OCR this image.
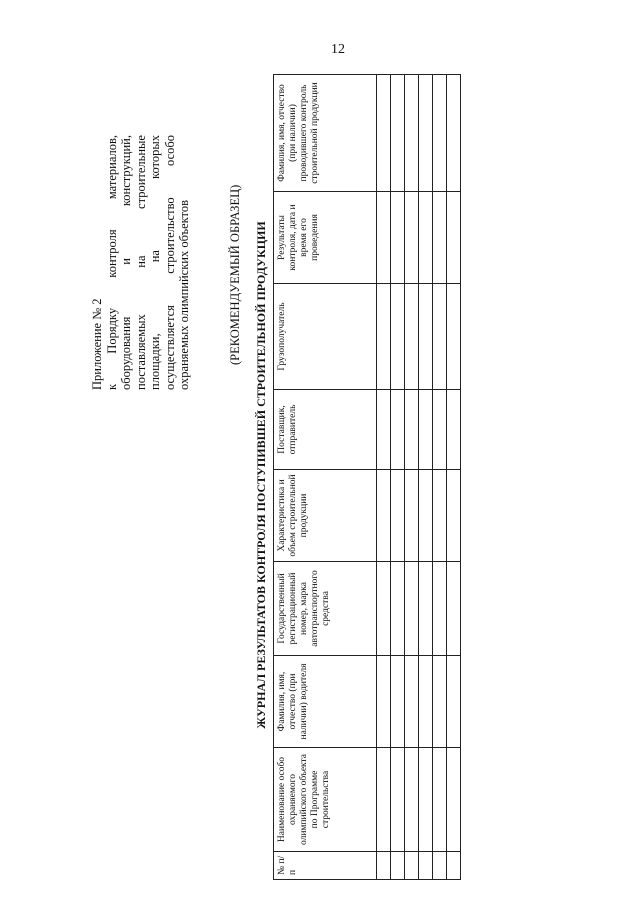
12
Приложение № 2 к Порядку контроля материалов, оборудования и конструкций, поставляемых на строительные площадки, на которых осуществляется строительство особо охраняемых олимпийских объектов	(РЕКОМЕНДУЕМЫЙ ОБРАЗЕЦ) ЖУРНАЛ РЕЗУЛЬТАТОВ КОНТРОЛЯ ПОСТУПИВШЕЙ СТРОИТЕЛЬНОЙ ПРОДУКЦИИ
№ п/п
Наименование особо охраняемого олимпийского объекта по Программе строительства
Фамилия, имя, отчество (при наличии) водителя
Государственный регистрационный номер, марка автотранспортного средства
Характеристика и объем строительной продукции
Поставщик, отправитель
Грузополучатель
Результаты контроля, дата и время его проведения
Фамилия, имя, отчество (при наличии) проводившего контроль строительной продукции
